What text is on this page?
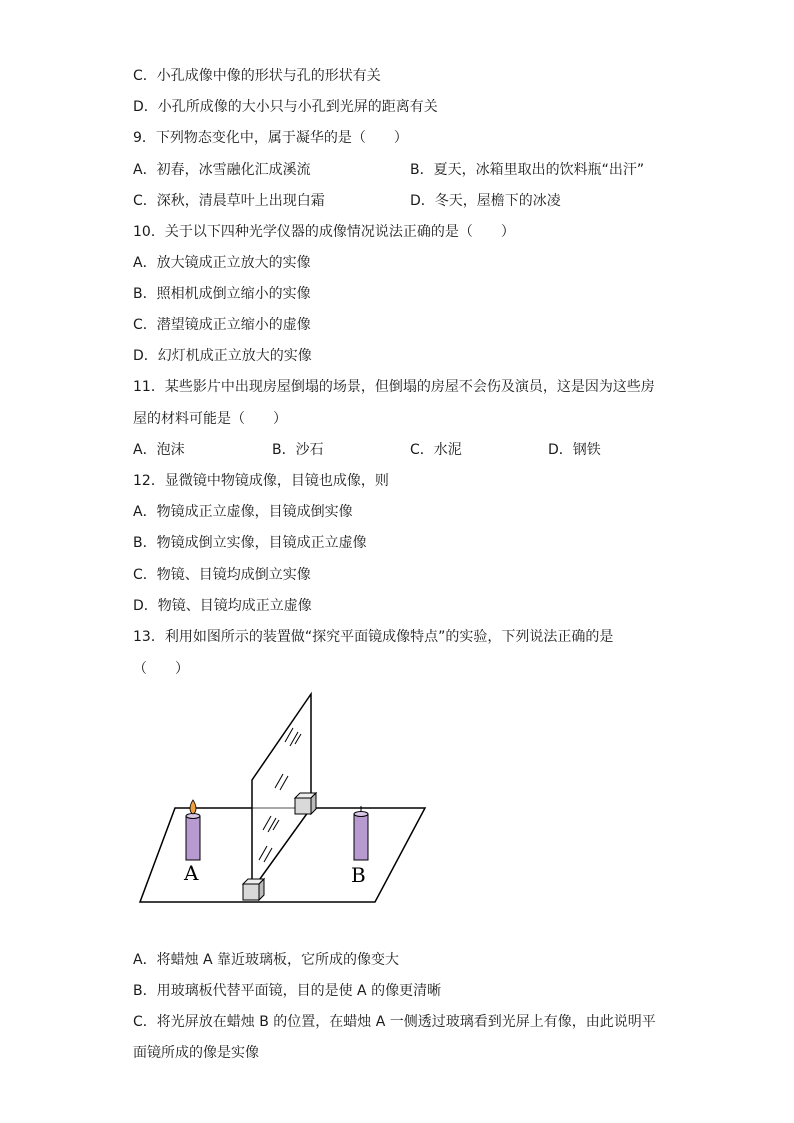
C．小孔成像中像的形状与孔的形状有关
D．小孔所成像的大小只与小孔到光屏的距离有关
9．下列物态变化中，属于凝华的是（　　）
A．初春，冰雪融化汇成溪流	B．夏天，冰箱里取出的饮料瓶“出汗”
C．深秋，清晨草叶上出现白霜	D．冬天，屋檐下的冰凌
10．关于以下四种光学仪器的成像情况说法正确的是（　　）
A．放大镜成正立放大的实像
B．照相机成倒立缩小的实像
C．潜望镜成正立缩小的虚像
D．幻灯机成正立放大的实像
11．某些影片中出现房屋倒塌的场景，但倒塌的房屋不会伤及演员，这是因为这些房
屋的材料可能是（　　）
A．泡沫	B．沙石	C．水泥	D．钢铁
12．显微镜中物镜成像，目镜也成像，则
A．物镜成正立虚像，目镜成倒实像
B．物镜成倒立实像，目镜成正立虚像
C．物镜、目镜均成倒立实像
D．物镜、目镜均成正立虚像
13．利用如图所示的装置做“探究平面镜成像特点”的实验，下列说法正确的是
（　　）
A	B
A．将蜡烛 A 靠近玻璃板，它所成的像变大
B．用玻璃板代替平面镜，目的是使 A 的像更清晰
C．将光屏放在蜡烛 B 的位置，在蜡烛 A 一侧透过玻璃看到光屏上有像，由此说明平
面镜所成的像是实像
